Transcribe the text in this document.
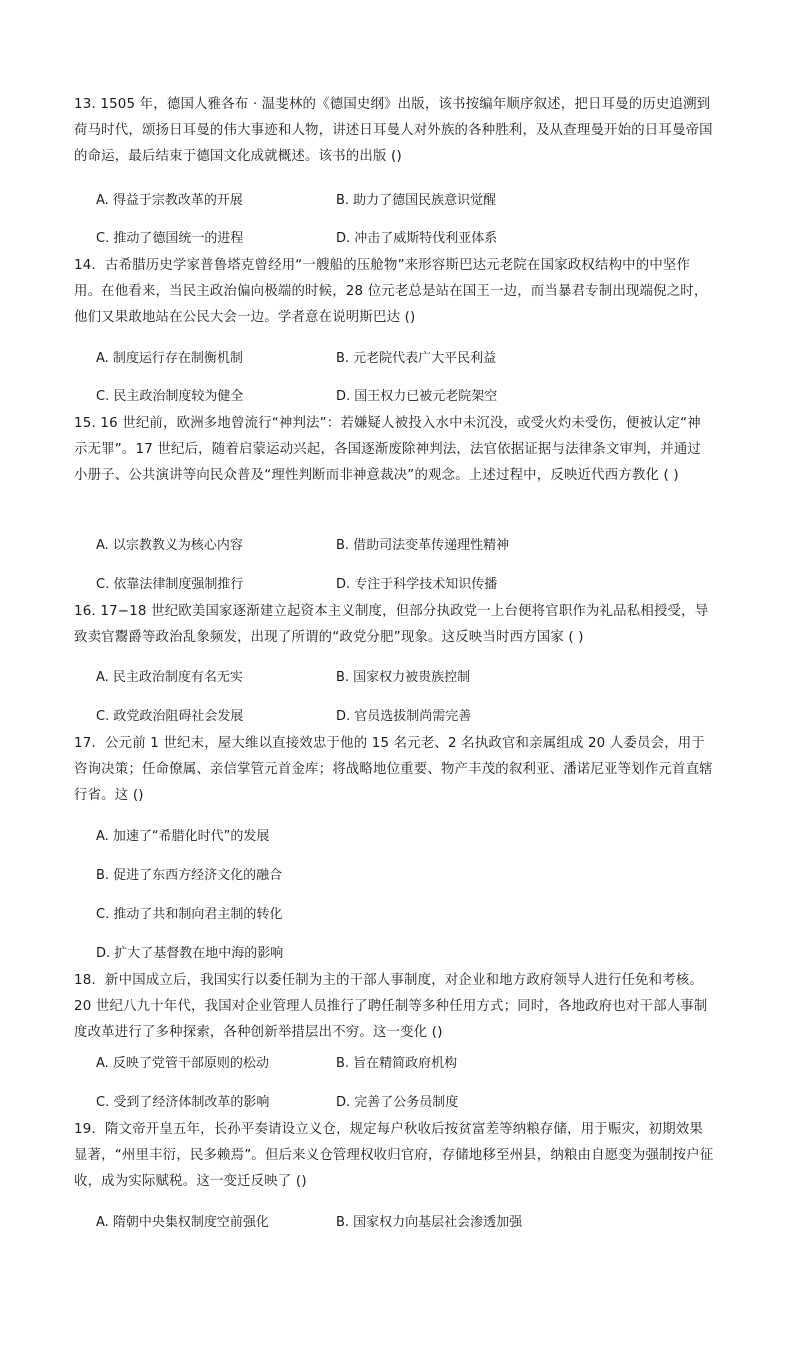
13. 1505 年，德国人雅各布 · 温斐林的《德国史纲》出版，该书按编年顺序叙述，把日耳曼的历史追溯到荷马时代，颂扬日耳曼的伟大事迹和人物，讲述日耳曼人对外族的各种胜利，及从查理曼开始的日耳曼帝国的命运，最后结束于德国文化成就概述。该书的出版 ()

A. 得益于宗教改革的开展	B. 助力了德国民族意识觉醒
C. 推动了德国统一的进程	D. 冲击了威斯特伐利亚体系

14．古希腊历史学家普鲁塔克曾经用“一艘船的压舱物”来形容斯巴达元老院在国家政权结构中的中坚作用。在他看来，当民主政治偏向极端的时候，28 位元老总是站在国王一边，而当暴君专制出现端倪之时，他们又果敢地站在公民大会一边。学者意在说明斯巴达 ()

A. 制度运行存在制衡机制	B. 元老院代表广大平民利益
C. 民主政治制度较为健全	D. 国王权力已被元老院架空

15. 16 世纪前，欧洲多地曾流行“神判法”：若嫌疑人被投入水中未沉没，或受火灼未受伤，便被认定“神示无罪”。17 世纪后，随着启蒙运动兴起，各国逐渐废除神判法，法官依据证据与法律条文审判，并通过小册子、公共演讲等向民众普及“理性判断而非神意裁决”的观念。上述过程中，反映近代西方教化 ( )

A. 以宗教教义为核心内容	B. 借助司法变革传递理性精神
C. 依靠法律制度强制推行	D. 专注于科学技术知识传播

16. 17−18 世纪欧美国家逐渐建立起资本主义制度，但部分执政党一上台便将官职作为礼品私相授受，导致卖官鬻爵等政治乱象频发，出现了所谓的“政党分肥”现象。这反映当时西方国家 ( )

A. 民主政治制度有名无实	B. 国家权力被贵族控制
C. 政党政治阻碍社会发展	D. 官员选拔制尚需完善

17．公元前 1 世纪末，屋大维以直接效忠于他的 15 名元老、2 名执政官和亲属组成 20 人委员会，用于咨询决策；任命僚属、亲信掌管元首金库；将战略地位重要、物产丰茂的叙利亚、潘诺尼亚等划作元首直辖行省。这 ()

A. 加速了“希腊化时代”的发展
B. 促进了东西方经济文化的融合
C. 推动了共和制向君主制的转化
D. 扩大了基督教在地中海的影响

18．新中国成立后，我国实行以委任制为主的干部人事制度，对企业和地方政府领导人进行任免和考核。20 世纪八九十年代，我国对企业管理人员推行了聘任制等多种任用方式；同时，各地政府也对干部人事制度改革进行了多种探索，各种创新举措层出不穷。这一变化 ()

A. 反映了党管干部原则的松动	B. 旨在精简政府机构
C. 受到了经济体制改革的影响	D. 完善了公务员制度

19．隋文帝开皇五年，长孙平奏请设立义仓，规定每户秋收后按贫富差等纳粮存储，用于赈灾，初期效果显著，“州里丰衍，民多赖焉”。但后来义仓管理权收归官府，存储地移至州县，纳粮由自愿变为强制按户征收，成为实际赋税。这一变迁反映了 ()

A. 隋朝中央集权制度空前强化	B. 国家权力向基层社会渗透加强
